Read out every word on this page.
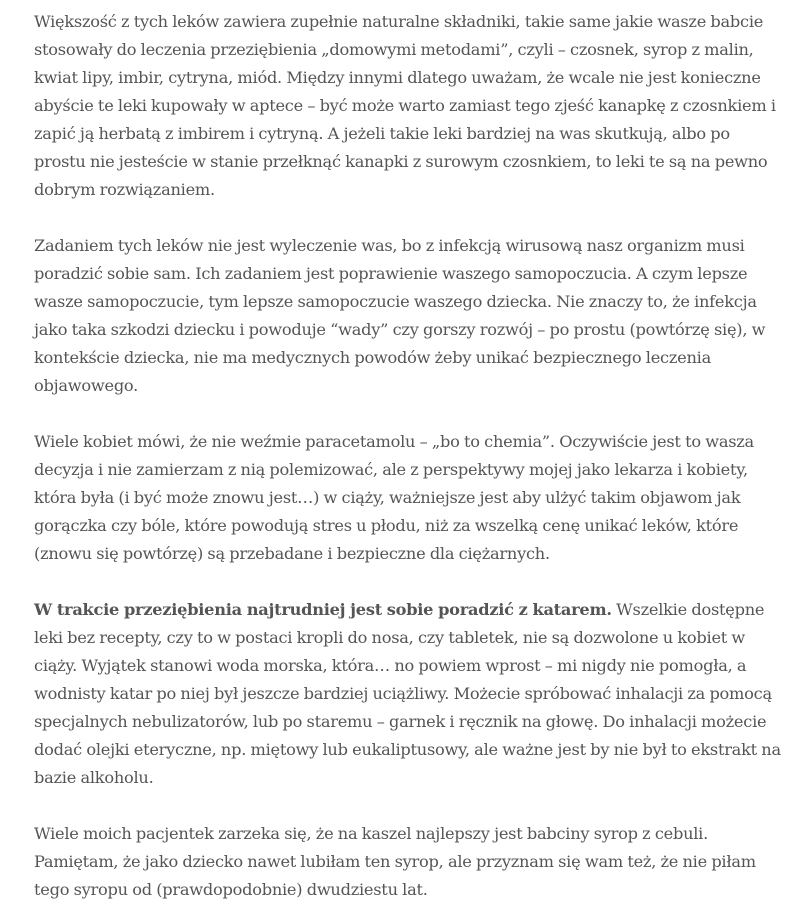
Większość z tych leków zawiera zupełnie naturalne składniki, takie same jakie wasze babcie stosowały do leczenia przeziębienia „domowymi metodami”, czyli – czosnek, syrop z malin, kwiat lipy, imbir, cytryna, miód. Między innymi dlatego uważam, że wcale nie jest konieczne abyście te leki kupowały w aptece – być może warto zamiast tego zjeść kanapkę z czosnkiem i zapić ją herbatą z imbirem i cytryną. A jeżeli takie leki bardziej na was skutkują, albo po prostu nie jesteście w stanie przełknąć kanapki z surowym czosnkiem, to leki te są na pewno dobrym rozwiązaniem.

Zadaniem tych leków nie jest wyleczenie was, bo z infekcją wirusową nasz organizm musi poradzić sobie sam. Ich zadaniem jest poprawienie waszego samopoczucia. A czym lepsze wasze samopoczucie, tym lepsze samopoczucie waszego dziecka. Nie znaczy to, że infekcja jako taka szkodzi dziecku i powoduje “wady” czy gorszy rozwój – po prostu (powtórzę się), w kontekście dziecka, nie ma medycznych powodów żeby unikać bezpiecznego leczenia objawowego.

Wiele kobiet mówi, że nie weźmie paracetamolu – „bo to chemia”. Oczywiście jest to wasza decyzja i nie zamierzam z nią polemizować, ale z perspektywy mojej jako lekarza i kobiety, która była (i być może znowu jest…) w ciąży, ważniejsze jest aby ulżyć takim objawom jak gorączka czy bóle, które powodują stres u płodu, niż za wszelką cenę unikać leków, które (znowu się powtórzę) są przebadane i bezpieczne dla ciężarnych.

W trakcie przeziębienia najtrudniej jest sobie poradzić z katarem. Wszelkie dostępne leki bez recepty, czy to w postaci kropli do nosa, czy tabletek, nie są dozwolone u kobiet w ciąży. Wyjątek stanowi woda morska, która… no powiem wprost – mi nigdy nie pomogła, a wodnisty katar po niej był jeszcze bardziej uciążliwy. Możecie spróbować inhalacji za pomocą specjalnych nebulizatorów, lub po staremu – garnek i ręcznik na głowę. Do inhalacji możecie dodać olejki eteryczne, np. miętowy lub eukaliptusowy, ale ważne jest by nie był to ekstrakt na bazie alkoholu.

Wiele moich pacjentek zarzeka się, że na kaszel najlepszy jest babciny syrop z cebuli. Pamiętam, że jako dziecko nawet lubiłam ten syrop, ale przyznam się wam też, że nie piłam tego syropu od (prawdopodobnie) dwudziestu lat.
